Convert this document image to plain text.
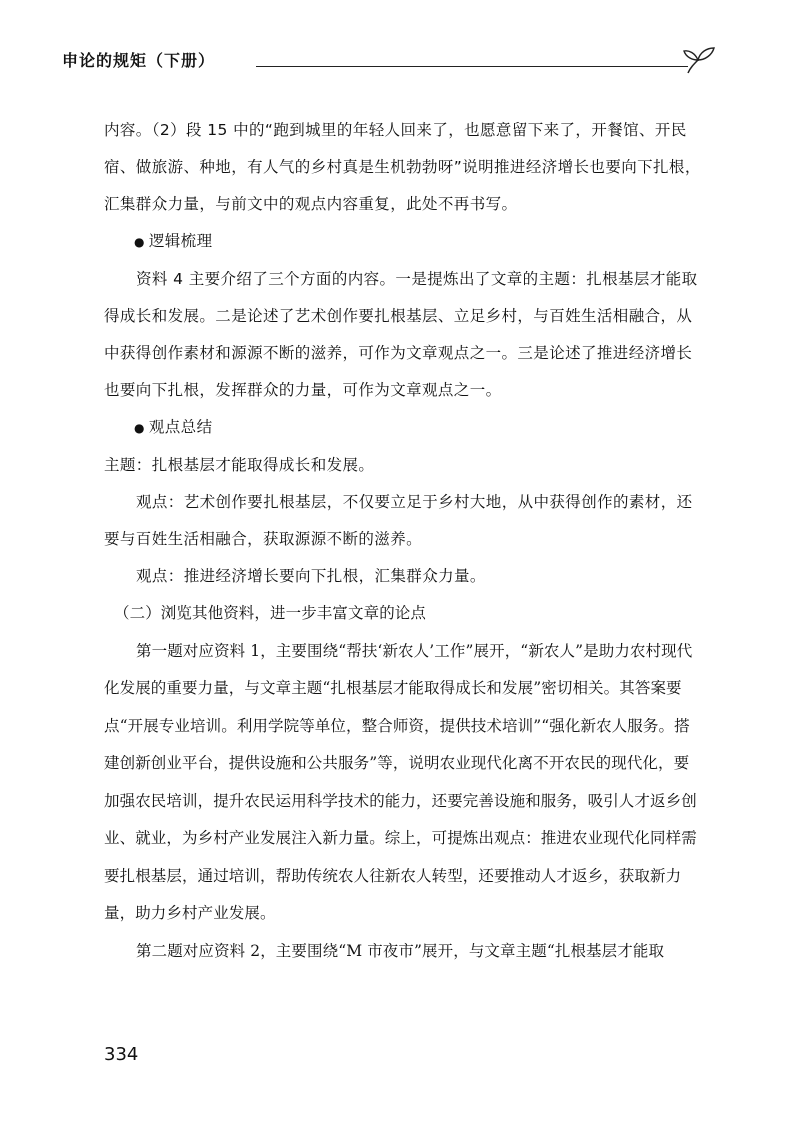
申论的规矩（下册）

内容。（2）段 15 中的“跑到城里的年轻人回来了，也愿意留下来了，开餐馆、开民宿、做旅游、种地，有人气的乡村真是生机勃勃呀”说明推进经济增长也要向下扎根，汇集群众力量，与前文中的观点内容重复，此处不再书写。

● 逻辑梳理

资料 4 主要介绍了三个方面的内容。一是提炼出了文章的主题：扎根基层才能取得成长和发展。二是论述了艺术创作要扎根基层、立足乡村，与百姓生活相融合，从中获得创作素材和源源不断的滋养，可作为文章观点之一。三是论述了推进经济增长也要向下扎根，发挥群众的力量，可作为文章观点之一。

● 观点总结

主题：扎根基层才能取得成长和发展。

观点：艺术创作要扎根基层，不仅要立足于乡村大地，从中获得创作的素材，还要与百姓生活相融合，获取源源不断的滋养。

观点：推进经济增长要向下扎根，汇集群众力量。

（二）浏览其他资料，进一步丰富文章的论点

第一题对应资料 1，主要围绕“帮扶‘新农人’工作”展开，“新农人”是助力农村现代化发展的重要力量，与文章主题“扎根基层才能取得成长和发展”密切相关。其答案要点“开展专业培训。利用学院等单位，整合师资，提供技术培训”“强化新农人服务。搭建创新创业平台，提供设施和公共服务”等，说明农业现代化离不开农民的现代化，要加强农民培训，提升农民运用科学技术的能力，还要完善设施和服务，吸引人才返乡创业、就业，为乡村产业发展注入新力量。综上，可提炼出观点：推进农业现代化同样需要扎根基层，通过培训，帮助传统农人往新农人转型，还要推动人才返乡，获取新力量，助力乡村产业发展。

第二题对应资料 2，主要围绕“M 市夜市”展开，与文章主题“扎根基层才能取

334
